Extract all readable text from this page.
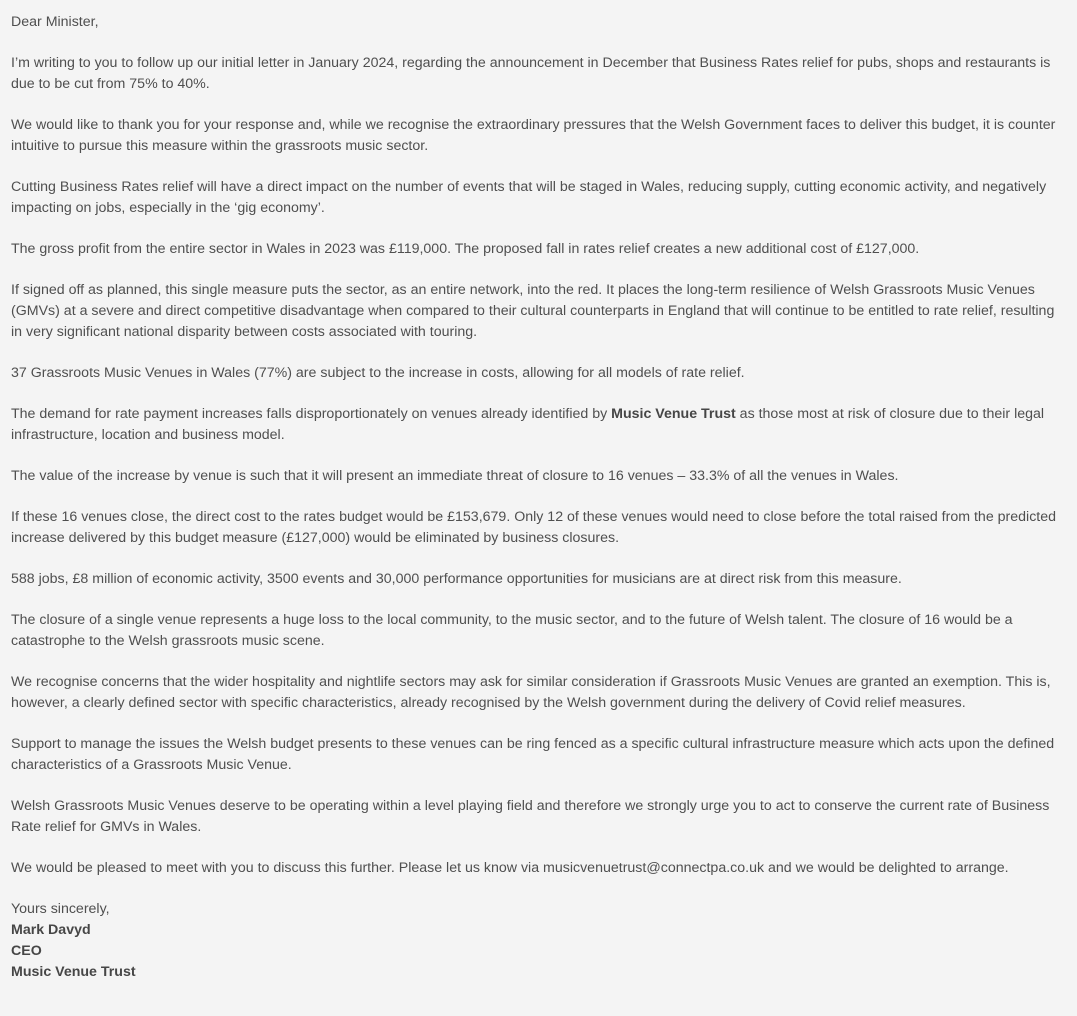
Dear Minister,

I’m writing to you to follow up our initial letter in January 2024, regarding the announcement in December that Business Rates relief for pubs, shops and restaurants is due to be cut from 75% to 40%.

We would like to thank you for your response and, while we recognise the extraordinary pressures that the Welsh Government faces to deliver this budget, it is counter intuitive to pursue this measure within the grassroots music sector.

Cutting Business Rates relief will have a direct impact on the number of events that will be staged in Wales, reducing supply, cutting economic activity, and negatively impacting on jobs, especially in the ‘gig economy’.

The gross profit from the entire sector in Wales in 2023 was £119,000. The proposed fall in rates relief creates a new additional cost of £127,000.

If signed off as planned, this single measure puts the sector, as an entire network, into the red. It places the long-term resilience of Welsh Grassroots Music Venues (GMVs) at a severe and direct competitive disadvantage when compared to their cultural counterparts in England that will continue to be entitled to rate relief, resulting in very significant national disparity between costs associated with touring.

37 Grassroots Music Venues in Wales (77%) are subject to the increase in costs, allowing for all models of rate relief.

The demand for rate payment increases falls disproportionately on venues already identified by Music Venue Trust as those most at risk of closure due to their legal infrastructure, location and business model.

The value of the increase by venue is such that it will present an immediate threat of closure to 16 venues – 33.3% of all the venues in Wales.

If these 16 venues close, the direct cost to the rates budget would be £153,679. Only 12 of these venues would need to close before the total raised from the predicted increase delivered by this budget measure (£127,000) would be eliminated by business closures.

588 jobs, £8 million of economic activity, 3500 events and 30,000 performance opportunities for musicians are at direct risk from this measure.

The closure of a single venue represents a huge loss to the local community, to the music sector, and to the future of Welsh talent. The closure of 16 would be a catastrophe to the Welsh grassroots music scene.

We recognise concerns that the wider hospitality and nightlife sectors may ask for similar consideration if Grassroots Music Venues are granted an exemption. This is, however, a clearly defined sector with specific characteristics, already recognised by the Welsh government during the delivery of Covid relief measures.

Support to manage the issues the Welsh budget presents to these venues can be ring fenced as a specific cultural infrastructure measure which acts upon the defined characteristics of a Grassroots Music Venue.

Welsh Grassroots Music Venues deserve to be operating within a level playing field and therefore we strongly urge you to act to conserve the current rate of Business Rate relief for GMVs in Wales.

We would be pleased to meet with you to discuss this further. Please let us know via musicvenuetrust@connectpa.co.uk and we would be delighted to arrange.

Yours sincerely,
Mark Davyd
CEO
Music Venue Trust
